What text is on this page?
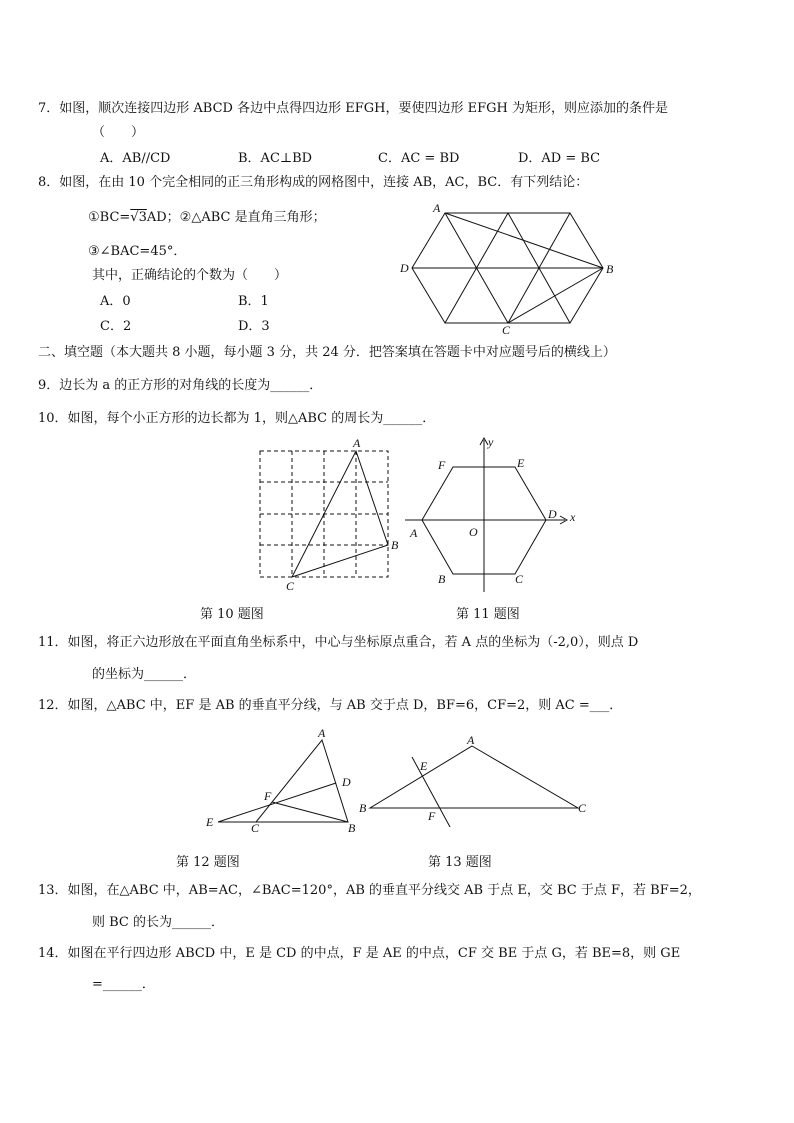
7．如图，顺次连接四边形 ABCD 各边中点得四边形 EFGH，要使四边形 EFGH 为矩形，则应添加的条件是
（　　）
A．AB//CD	B．AC⊥BD	C．AC = BD	D．AD = BC
8．如图，在由 10 个完全相同的正三角形构成的网格图中，连接 AB，AC，BC．有下列结论：
①BC=√3AD；②△ABC 是直角三角形；
③∠BAC=45°．
其中，正确结论的个数为（　　）
A．0	B．1
C．2	D．3
A
D	B
C
二、填空题（本大题共 8 小题，每小题 3 分，共 24 分．把答案填在答题卡中对应题号后的横线上）
9．边长为 a 的正方形的对角线的长度为______．
10．如图，每个小正方形的边长都为 1，则△ABC 的周长为______．
A
B
C
第 10 题图
y
x
F	E
D
A	O
B	C
第 11 题图
11．如图，将正六边形放在平面直角坐标系中，中心与坐标原点重合，若 A 点的坐标为（-2,0），则点 D
的坐标为______．
12．如图，△ABC 中，EF 是 AB 的垂直平分线，与 AB 交于点 D，BF=6，CF=2，则 AC =___．
A
D
F
E	C	B
第 12 题图
A
E
B	C
F
第 13 题图
13．如图，在△ABC 中，AB=AC，∠BAC=120°，AB 的垂直平分线交 AB 于点 E，交 BC 于点 F，若 BF=2，
则 BC 的长为______．
14．如图在平行四边形 ABCD 中，E 是 CD 的中点，F 是 AE 的中点，CF 交 BE 于点 G，若 BE=8，则 GE
=______．
